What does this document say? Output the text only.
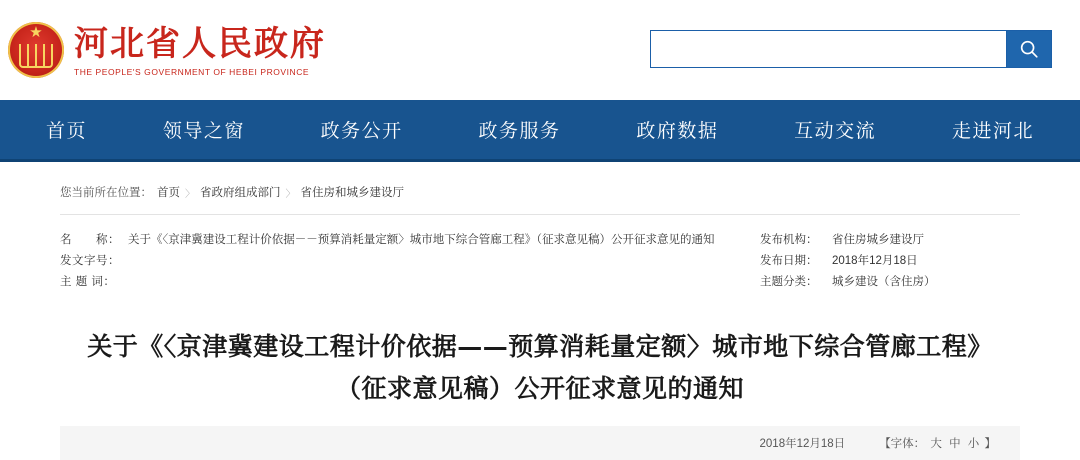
★
河北省人民政府
THE PEOPLE'S GOVERNMENT OF HEBEI PROVINCE
首页	领导之窗	政务公开	政务服务	政府数据	互动交流	走进河北
您当前所在位置： 首页 〉 省政府组成部门 〉 省住房和城乡建设厅
名　　称： 关于《〈京津冀建设工程计价依据－－预算消耗量定额〉城市地下综合管廊工程》（征求意见稿）公开征求意见的通知
发文字号：
主 题 词：
发布机构：	省住房城乡建设厅
发布日期：	2018年12月18日
主题分类：	城乡建设（含住房）
关于《〈京津冀建设工程计价依据——预算消耗量定额〉城市地下综合管廊工程》（征求意见稿）公开征求意见的通知
2018年12月18日	【字体： 大 中 小 】
